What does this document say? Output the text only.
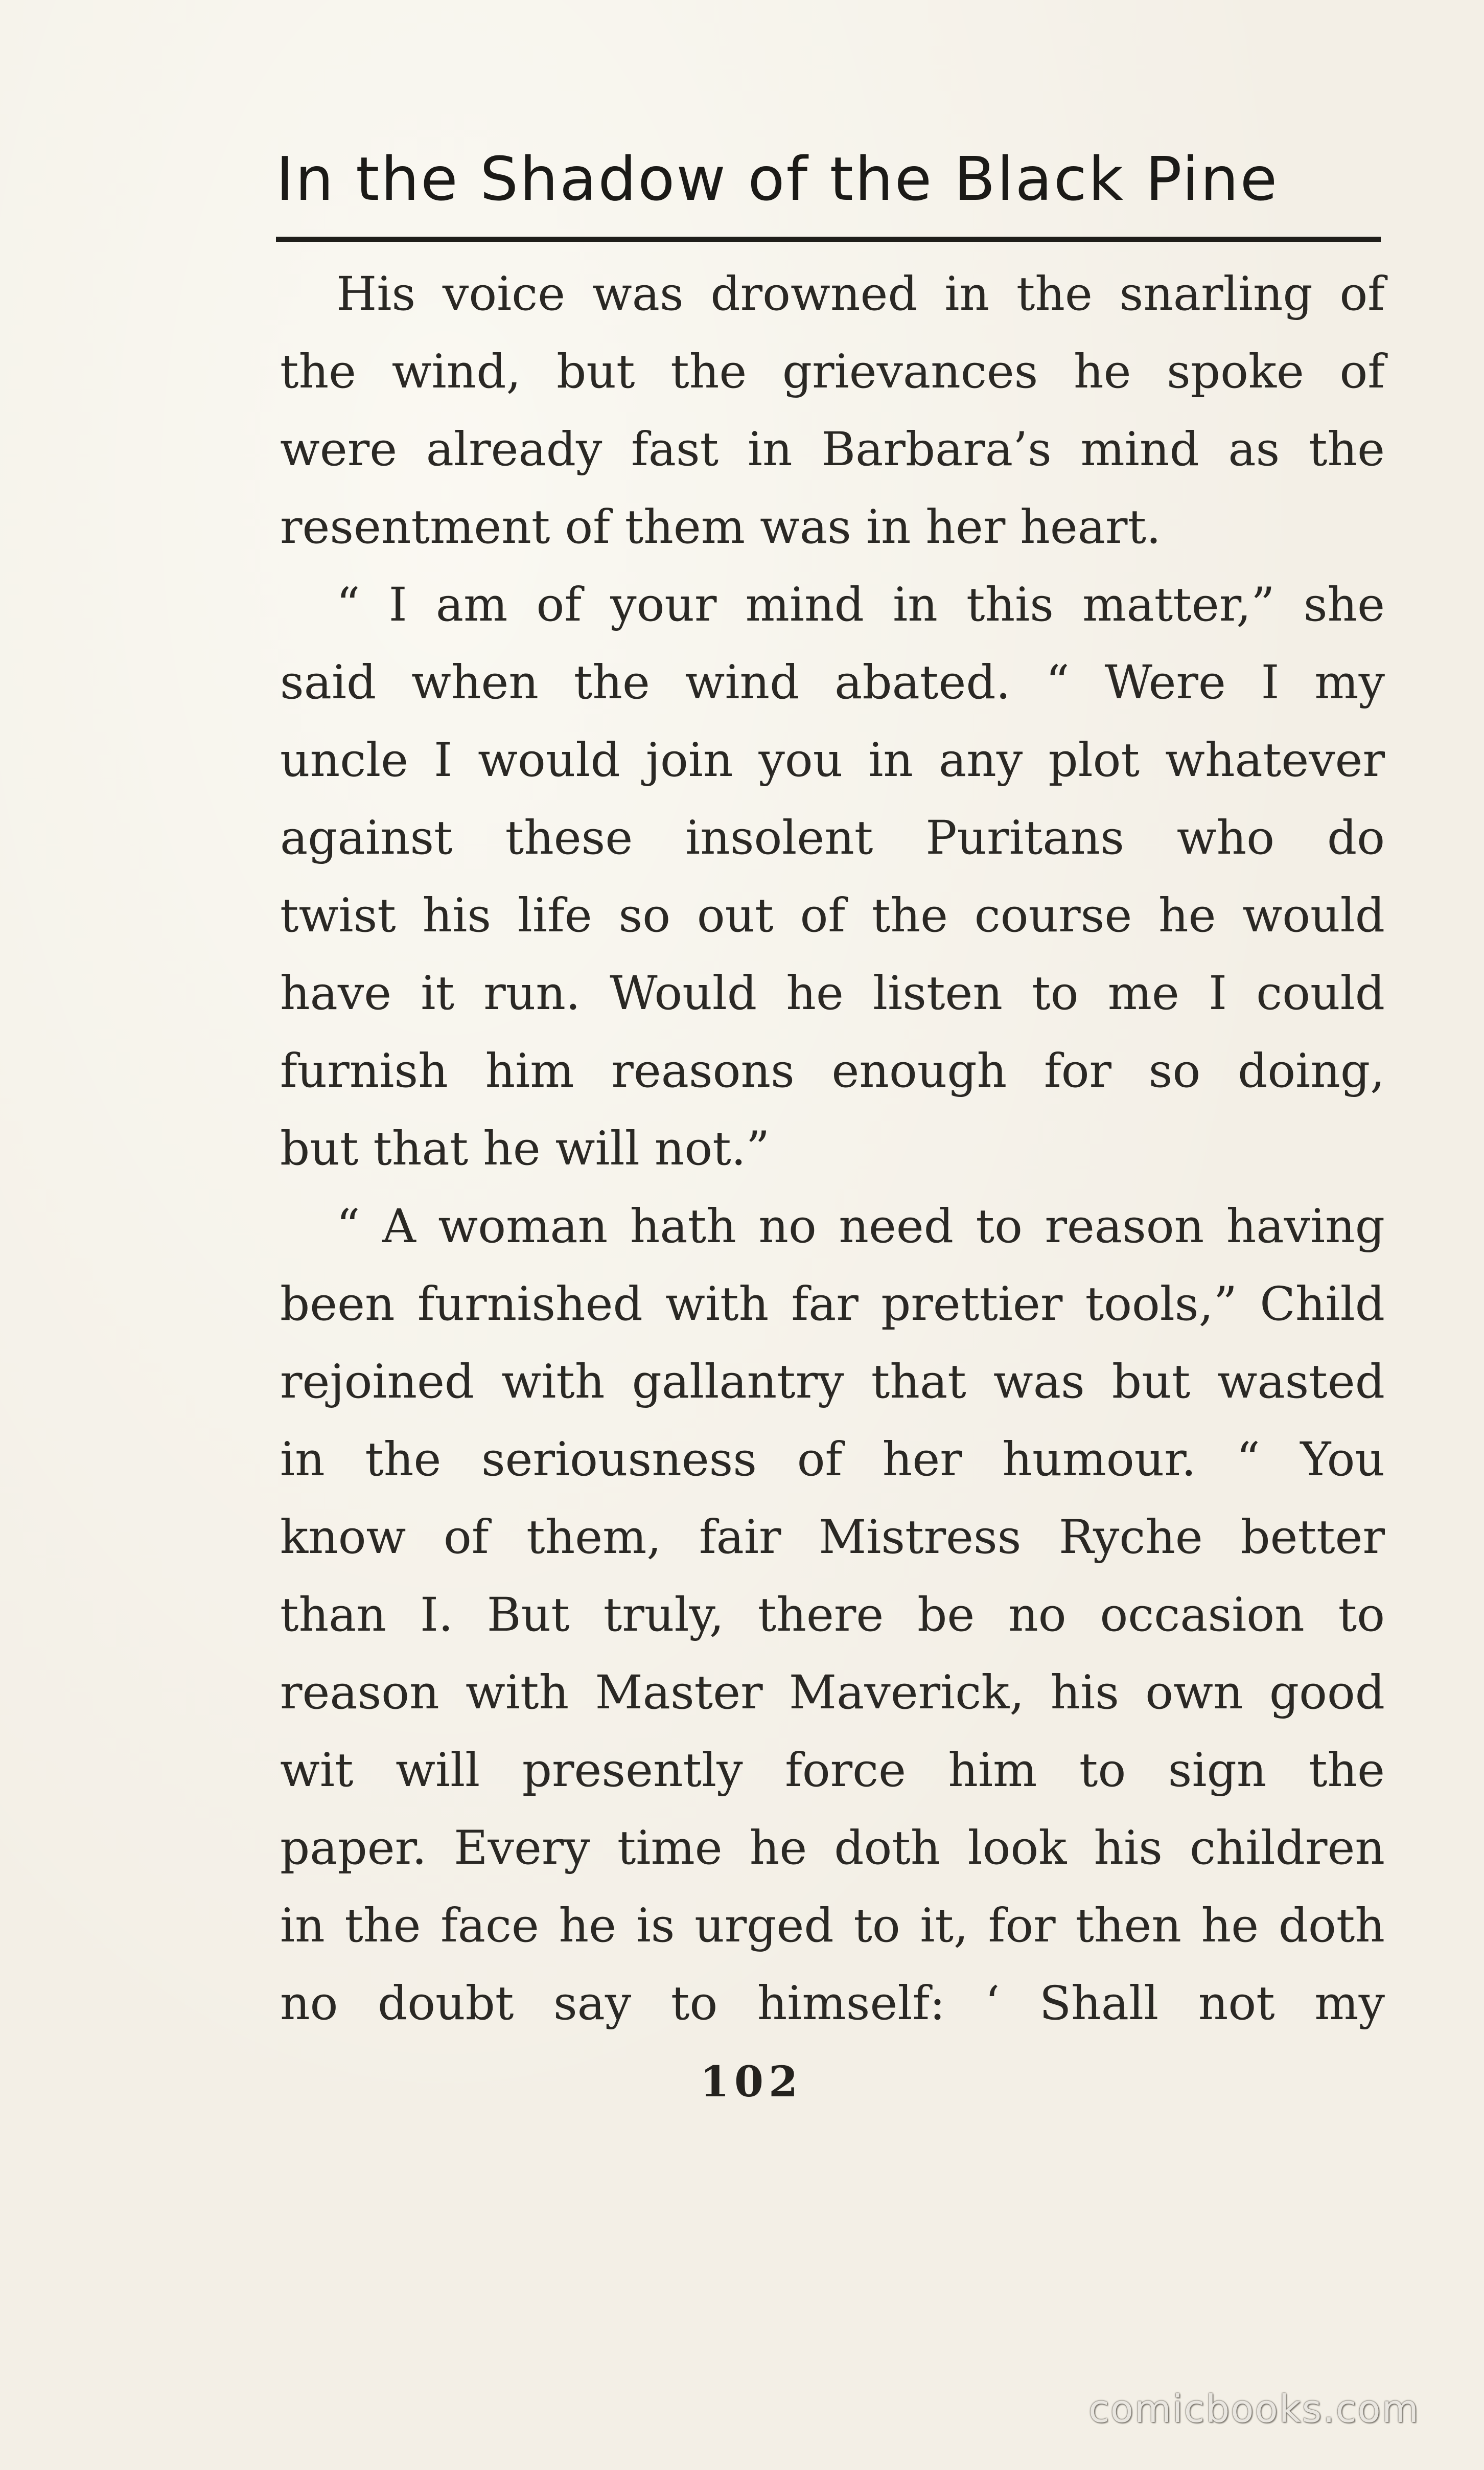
In the Shadow of the Black Pine

His voice was drowned in the snarling of

the wind, but the grievances he spoke of

were already fast in Barbara’s mind as the

resentment of them was in her heart.

“ I am of your mind in this matter,” she

said when the wind abated. “ Were I my

uncle I would join you in any plot whatever

against these insolent Puritans who do

twist his life so out of the course he would

have it run. Would he listen to me I could

furnish him reasons enough for so doing,

but that he will not.”

“ A woman hath no need to reason having

been furnished with far prettier tools,” Child

rejoined with gallantry that was but wasted

in the seriousness of her humour. “ You

know of them, fair Mistress Ryche better

than I. But truly, there be no occasion to

reason with Master Maverick, his own good

wit will presently force him to sign the

paper. Every time he doth look his children

in the face he is urged to it, for then he doth

no doubt say to himself: ‘ Shall not my

102
comicbooks.com
